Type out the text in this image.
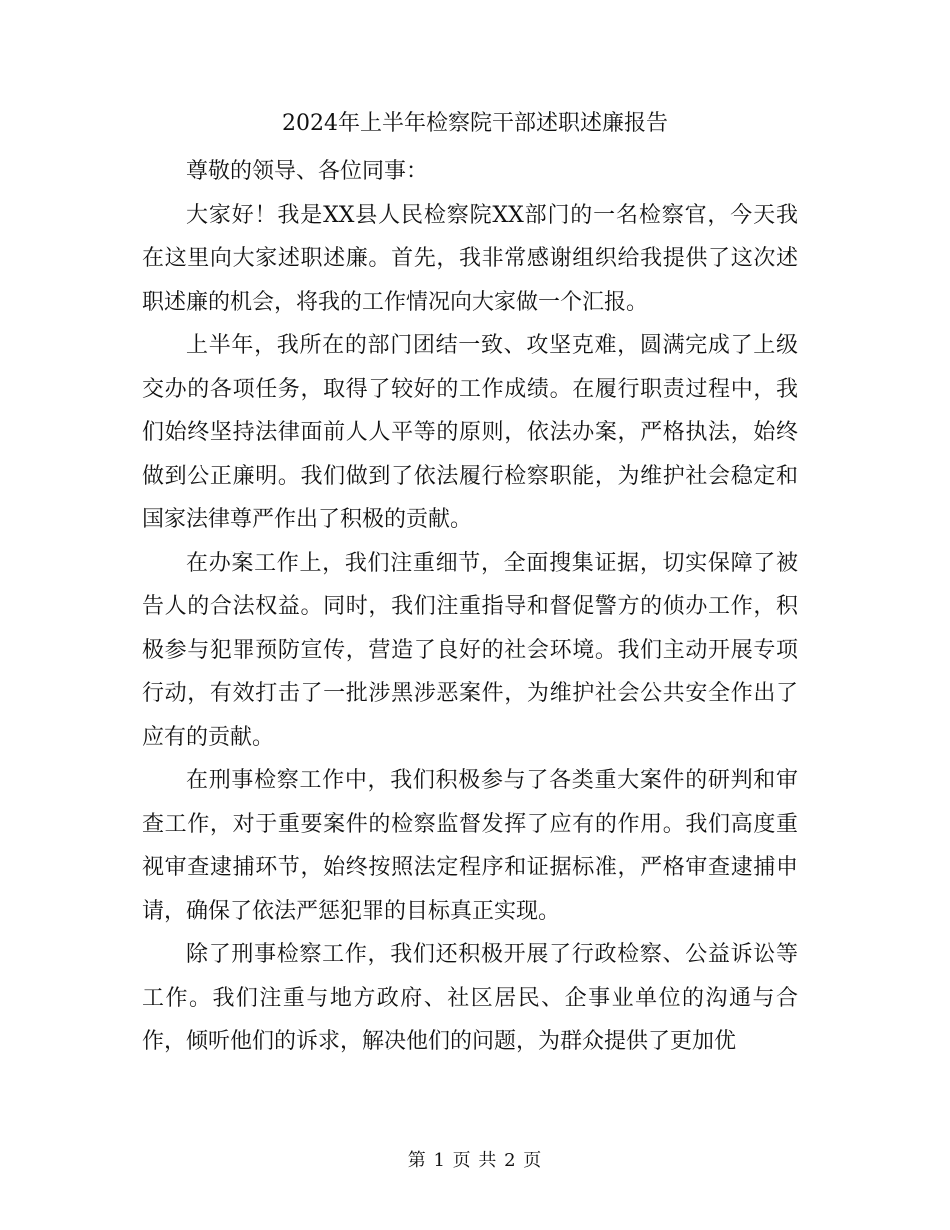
2024年上半年检察院干部述职述廉报告

尊敬的领导、各位同事：

大家好！我是XX县人民检察院XX部门的一名检察官，今天我在这里向大家述职述廉。首先，我非常感谢组织给我提供了这次述职述廉的机会，将我的工作情况向大家做一个汇报。

上半年，我所在的部门团结一致、攻坚克难，圆满完成了上级交办的各项任务，取得了较好的工作成绩。在履行职责过程中，我们始终坚持法律面前人人平等的原则，依法办案，严格执法，始终做到公正廉明。我们做到了依法履行检察职能，为维护社会稳定和国家法律尊严作出了积极的贡献。

在办案工作上，我们注重细节，全面搜集证据，切实保障了被告人的合法权益。同时，我们注重指导和督促警方的侦办工作，积极参与犯罪预防宣传，营造了良好的社会环境。我们主动开展专项行动，有效打击了一批涉黑涉恶案件，为维护社会公共安全作出了应有的贡献。

在刑事检察工作中，我们积极参与了各类重大案件的研判和审查工作，对于重要案件的检察监督发挥了应有的作用。我们高度重视审查逮捕环节，始终按照法定程序和证据标准，严格审查逮捕申请，确保了依法严惩犯罪的目标真正实现。

除了刑事检察工作，我们还积极开展了行政检察、公益诉讼等工作。我们注重与地方政府、社区居民、企事业单位的沟通与合作，倾听他们的诉求，解决他们的问题，为群众提供了更加优

第 1 页 共 2 页
